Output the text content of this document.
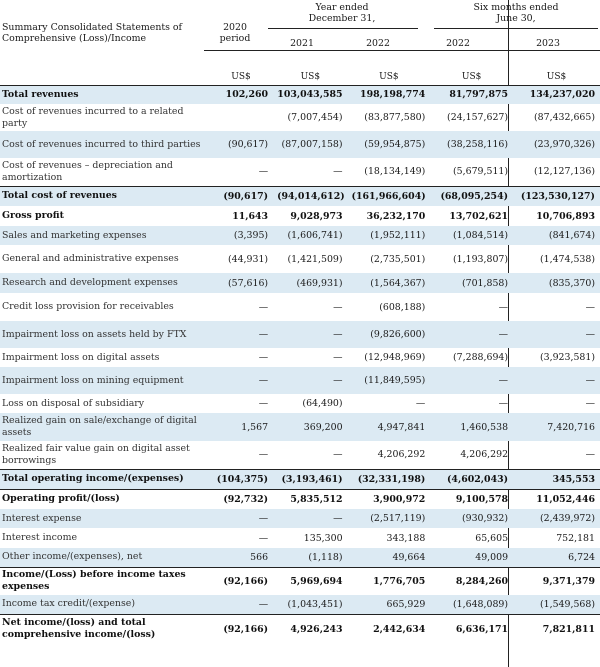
Summary Consolidated Statements of
Comprehensive (Loss)/Income
2020
period
Year ended
December 31,
Six months ended
June 30,
2021	2022	2022	2023
	US$	US$	US$	US$	US$
Total revenues	102,260	103,043,585	198,198,774	81,797,875	134,237,020
Cost of revenues incurred to a related party		(7,007,454)	(83,877,580)	(24,157,627)	(87,432,665)
Cost of revenues incurred to third parties	(90,617)	(87,007,158)	(59,954,875)	(38,258,116)	(23,970,326)
Cost of revenues – depreciation and amortization	—	—	(18,134,149)	(5,679,511)	(12,127,136)
Total cost of revenues	(90,617)	(94,014,612)	(161,966,604)	(68,095,254)	(123,530,127)
Gross profit	11,643	9,028,973	36,232,170	13,702,621	10,706,893
Sales and marketing expenses	(3,395)	(1,606,741)	(1,952,111)	(1,084,514)	(841,674)
General and administrative expenses	(44,931)	(1,421,509)	(2,735,501)	(1,193,807)	(1,474,538)
Research and development expenses	(57,616)	(469,931)	(1,564,367)	(701,858)	(835,370)
Credit loss provision for receivables	—	—	(608,188)	—	—
Impairment loss on assets held by FTX	—	—	(9,826,600)	—	—
Impairment loss on digital assets	—	—	(12,948,969)	(7,288,694)	(3,923,581)
Impairment loss on mining equipment	—	—	(11,849,595)	—	—
Loss on disposal of subsidiary	—	(64,490)	—	—	—
Realized gain on sale/exchange of digital assets	1,567	369,200	4,947,841	1,460,538	7,420,716
Realized fair value gain on digital asset borrowings	—	—	4,206,292	4,206,292	—
Total operating income/(expenses)	(104,375)	(3,193,461)	(32,331,198)	(4,602,043)	345,553
Operating profit/(loss)	(92,732)	5,835,512	3,900,972	9,100,578	11,052,446
Interest expense	—	—	(2,517,119)	(930,932)	(2,439,972)
Interest income	—	135,300	343,188	65,605	752,181
Other income/(expenses), net	566	(1,118)	49,664	49,009	6,724
Income/(Loss) before income taxes expenses	(92,166)	5,969,694	1,776,705	8,284,260	9,371,379
Income tax credit/(expense)	—	(1,043,451)	665,929	(1,648,089)	(1,549,568)
Net income/(loss) and total comprehensive income/(loss)	(92,166)	4,926,243	2,442,634	6,636,171	7,821,811
